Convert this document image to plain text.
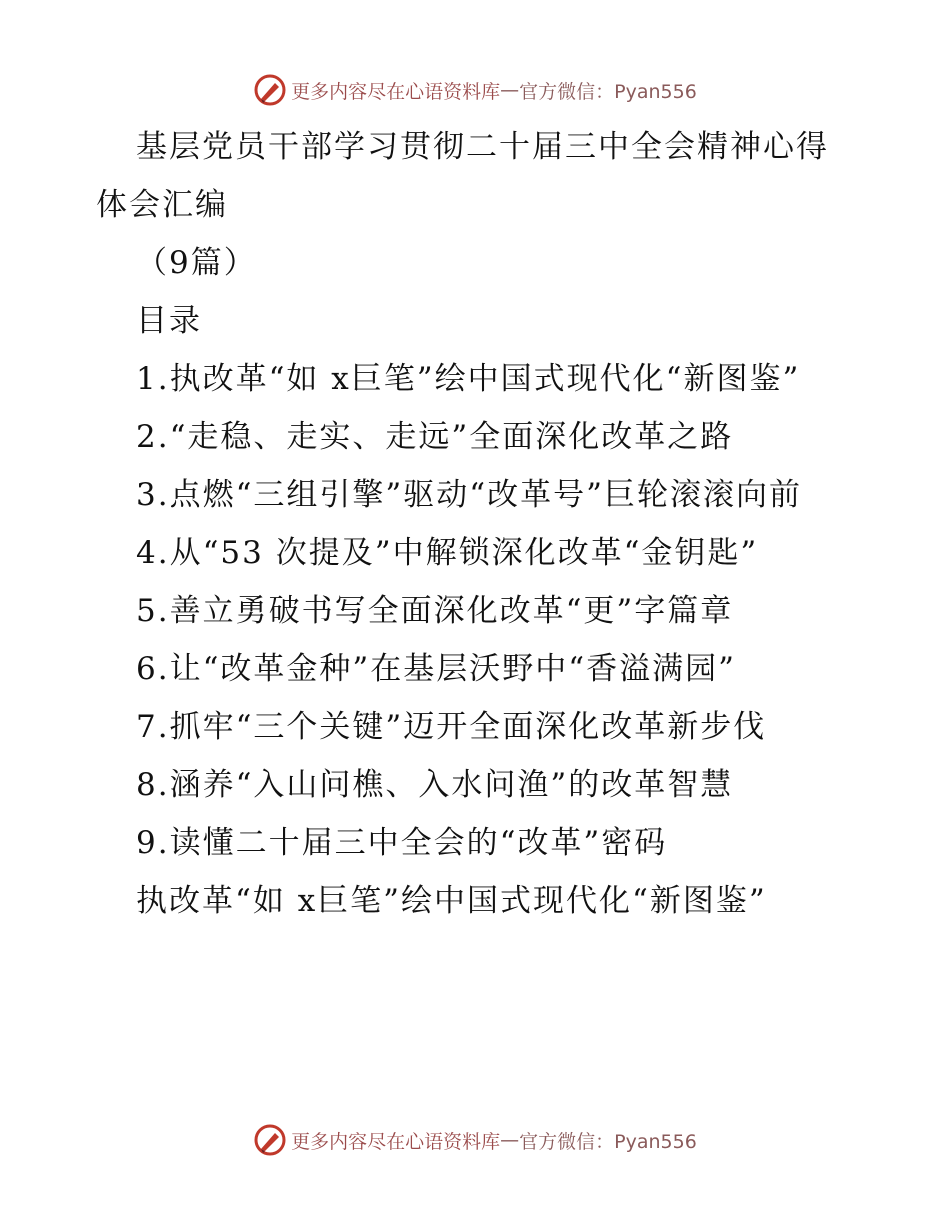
更多内容尽在心语资料库 — 官方微信：Pyan556

基层党员干部学习贯彻二十届三中全会精神心得体会汇编

（9篇）

目录

1.执改革“如 x巨笔”绘中国式现代化“新图鉴”

2.“走稳、走实、走远”全面深化改革之路

3.点燃“三组引擎”驱动“改革号”巨轮滚滚向前

4.从“53 次提及”中解锁深化改革“金钥匙”

5.善立勇破书写全面深化改革“更”字篇章

6.让“改革金种”在基层沃野中“香溢满园”

7.抓牢“三个关键”迈开全面深化改革新步伐

8.涵养“入山问樵、入水问渔”的改革智慧

9.读懂二十届三中全会的“改革”密码

执改革“如 x巨笔”绘中国式现代化“新图鉴”

更多内容尽在心语资料库 — 官方微信：Pyan556
